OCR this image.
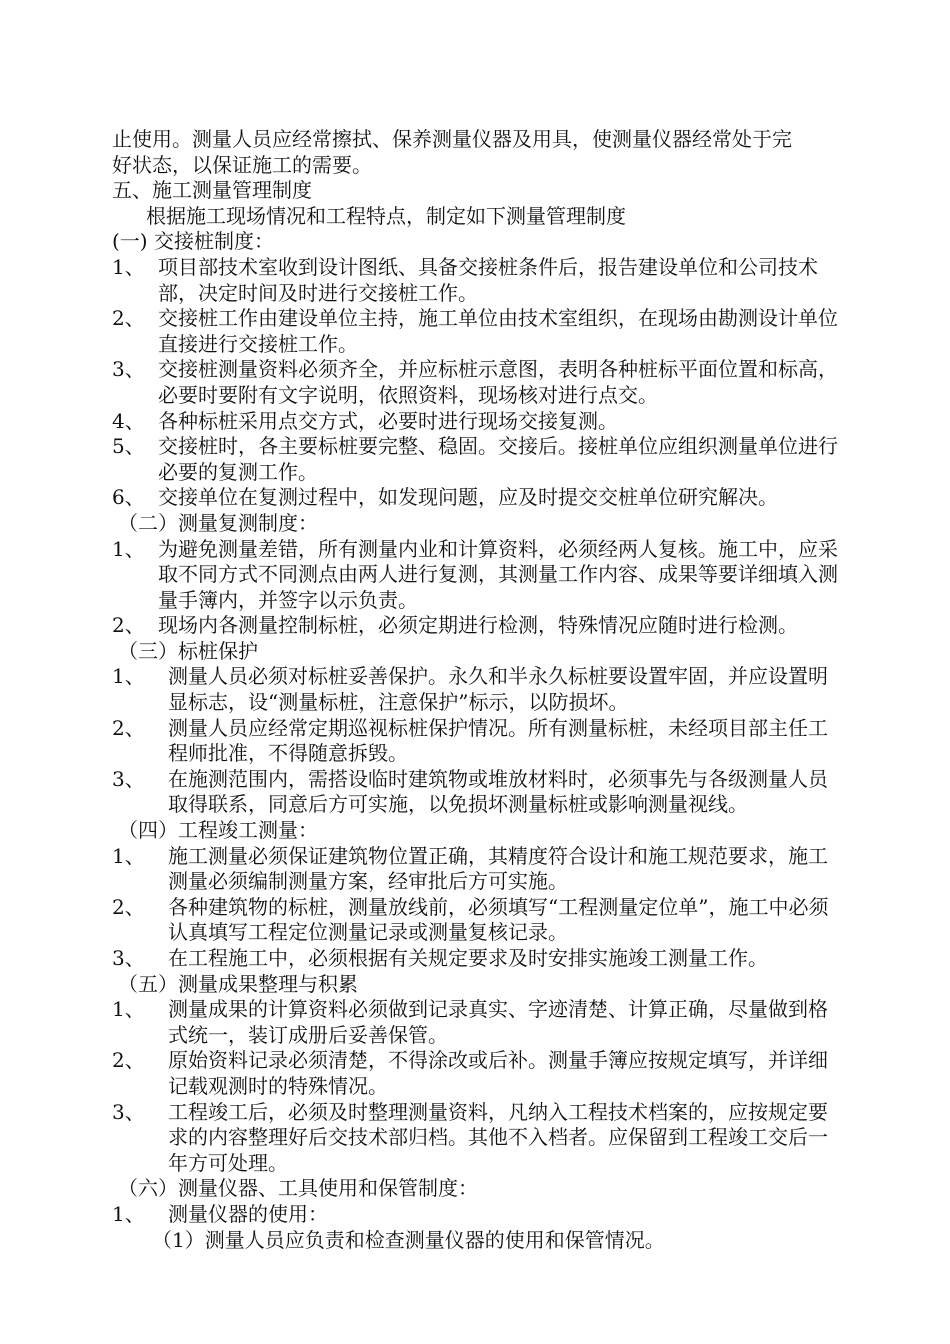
止使用。测量人员应经常擦拭、保养测量仪器及用具，使测量仪器经常处于完
好状态，以保证施工的需要。
五、施工测量管理制度
根据施工现场情况和工程特点，制定如下测量管理制度
(一) 交接桩制度：
1、 项目部技术室收到设计图纸、具备交接桩条件后，报告建设单位和公司技术部，决定时间及时进行交接桩工作。
2、 交接桩工作由建设单位主持，施工单位由技术室组织，在现场由勘测设计单位直接进行交接桩工作。
3、 交接桩测量资料必须齐全，并应标桩示意图，表明各种桩标平面位置和标高，必要时要附有文字说明，依照资料，现场核对进行点交。
4、 各种标桩采用点交方式，必要时进行现场交接复测。
5、 交接桩时，各主要标桩要完整、稳固。交接后。接桩单位应组织测量单位进行必要的复测工作。
6、 交接单位在复测过程中，如发现问题，应及时提交交桩单位研究解决。
（二）测量复测制度：
1、 为避免测量差错，所有测量内业和计算资料，必须经两人复核。施工中，应采取不同方式不同测点由两人进行复测，其测量工作内容、成果等要详细填入测量手簿内，并签字以示负责。
2、 现场内各测量控制标桩，必须定期进行检测，特殊情况应随时进行检测。
（三）标桩保护
1、	测量人员必须对标桩妥善保护。永久和半永久标桩要设置牢固，并应设置明显标志，设“测量标桩，注意保护”标示，以防损坏。
2、	测量人员应经常定期巡视标桩保护情况。所有测量标桩，未经项目部主任工程师批准，不得随意拆毁。
3、	在施测范围内，需搭设临时建筑物或堆放材料时，必须事先与各级测量人员取得联系，同意后方可实施，以免损坏测量标桩或影响测量视线。
（四）工程竣工测量：
1、	施工测量必须保证建筑物位置正确，其精度符合设计和施工规范要求，施工测量必须编制测量方案，经审批后方可实施。
2、	各种建筑物的标桩，测量放线前，必须填写“工程测量定位单”，施工中必须认真填写工程定位测量记录或测量复核记录。
3、	在工程施工中，必须根据有关规定要求及时安排实施竣工测量工作。
（五）测量成果整理与积累
1、	测量成果的计算资料必须做到记录真实、字迹清楚、计算正确，尽量做到格式统一，装订成册后妥善保管。
2、	原始资料记录必须清楚，不得涂改或后补。测量手簿应按规定填写，并详细记载观测时的特殊情况。
3、	工程竣工后，必须及时整理测量资料，凡纳入工程技术档案的，应按规定要求的内容整理好后交技术部归档。其他不入档者。应保留到工程竣工交后一年方可处理。
（六）测量仪器、工具使用和保管制度：
1、	测量仪器的使用：
（1）测量人员应负责和检查测量仪器的使用和保管情况。
